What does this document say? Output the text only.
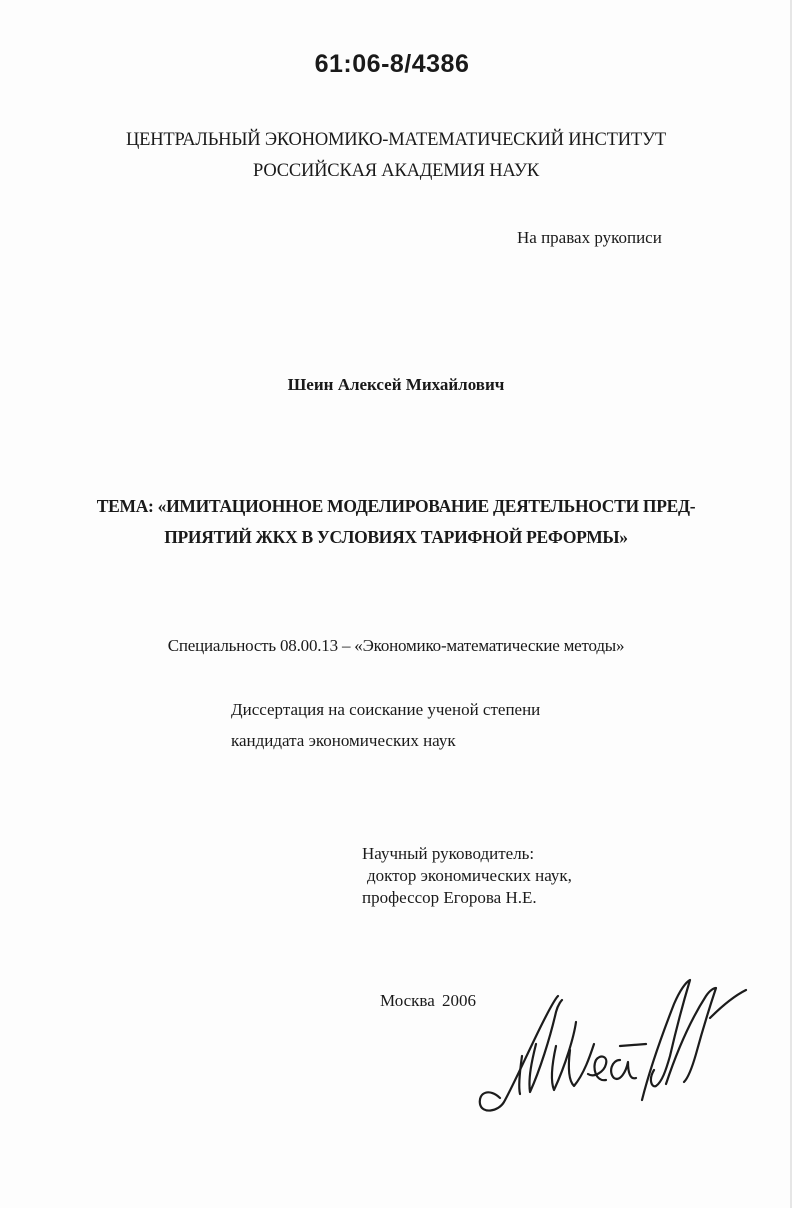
61:06-8/4386
ЦЕНТРАЛЬНЫЙ ЭКОНОМИКО-МАТЕМАТИЧЕСКИЙ ИНСТИТУТ
РОССИЙСКАЯ АКАДЕМИЯ НАУК
На правах рукописи
Шеин Алексей Михайлович
ТЕМА: «ИМИТАЦИОННОЕ МОДЕЛИРОВАНИЕ ДЕЯТЕЛЬНОСТИ ПРЕД-
ПРИЯТИЙ ЖКХ В УСЛОВИЯХ ТАРИФНОЙ РЕФОРМЫ»
Специальность 08.00.13 – «Экономико-математические методы»
Диссертация на соискание ученой степени
кандидата экономических наук
Научный руководитель:
доктор экономических наук,
профессор Егорова Н.Е.
Москва 2006
